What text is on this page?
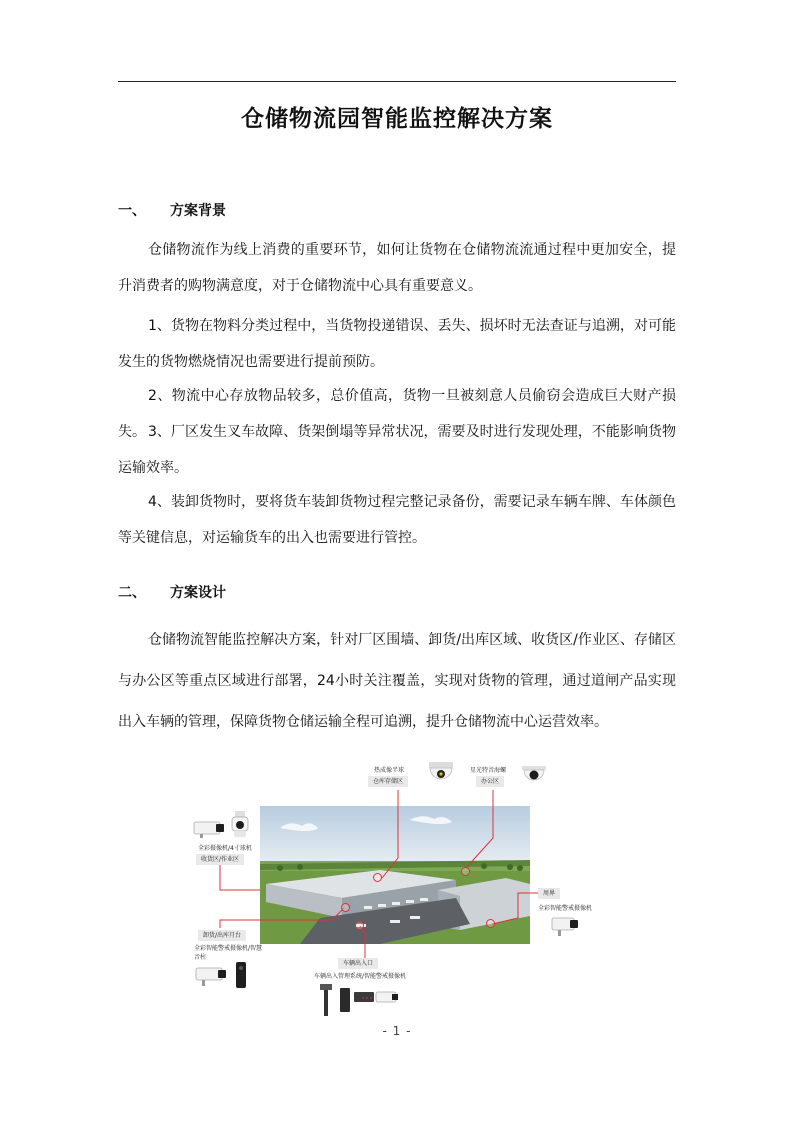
仓储物流园智能监控解决方案
一、 方案背景
仓储物流作为线上消费的重要环节，如何让货物在仓储物流流通过程中更加安全，提升消费者的购物满意度，对于仓储物流中心具有重要意义。
1、货物在物料分类过程中，当货物投递错误、丢失、损坏时无法查证与追溯，对可能发生的货物燃烧情况也需要进行提前预防。
2、物流中心存放物品较多，总价值高，货物一旦被刻意人员偷窃会造成巨大财产损失。 3、厂区发生叉车故障、货架倒塌等异常状况，需要及时进行发现处理，不能影响货物运输效率。
4、装卸货物时，要将货车装卸货物过程完整记录备份，需要记录车辆车牌、车体颜色等关键信息，对运输货车的出入也需要进行管控。
二、 方案设计
仓储物流智能监控解决方案，针对厂区围墙、卸货/出库区域、收货区/作业区、存储区与办公区等重点区域进行部署，24小时关注覆盖，实现对货物的管理，通过道闸产品实现出入车辆的管理，保障货物仓储运输全程可追溯，提升仓储物流中心运营效率。
热成像半球
仓库存储区
星光特音海螺
办公区
全彩摄像机/4寸球机
收货区/作业区
周界
全彩智能警戒摄像机
卸货/出库月台
全彩智能警戒摄像机/智慧音柱
车辆出入口
车辆出入管理系统/智能警戒摄像机
- 1 -
